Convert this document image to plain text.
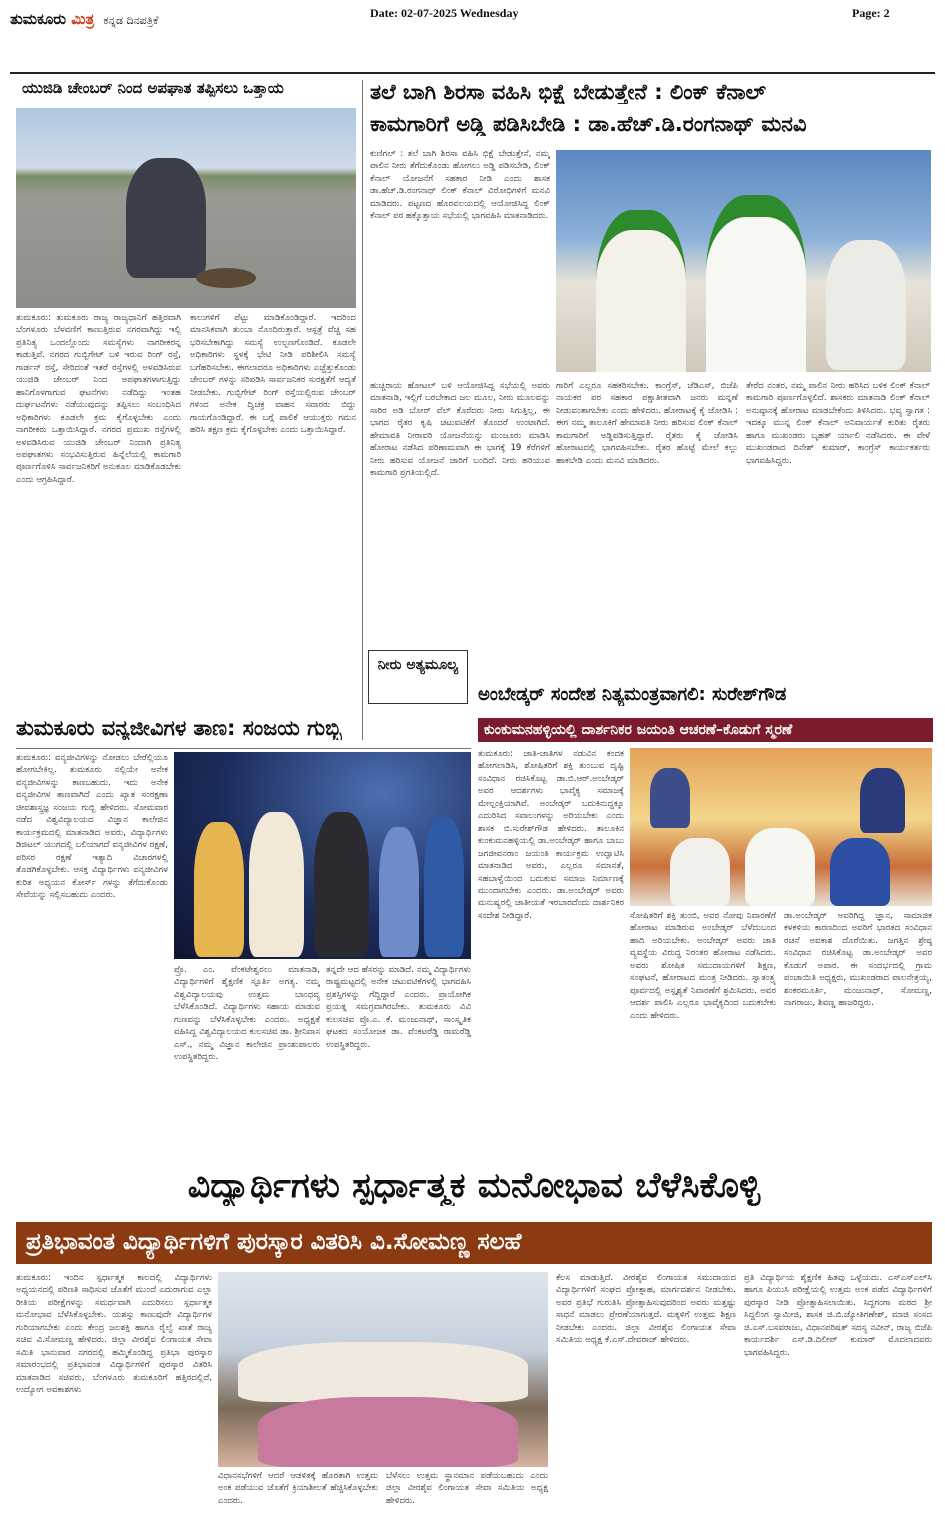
ತುಮಕೂರು ಮಿತ್ರ ಕನ್ನಡ ದಿನಪತ್ರಿಕೆ
Date: 02-07-2025 Wednesday	Page: 2
ಯುಜಿಡಿ ಚೇಂಬರ್ ನಿಂದ ಅಪಘಾತ ತಪ್ಪಿಸಲು ಒತ್ತಾಯ
ತುಮಕೂರು: ತುಮಕೂರು ರಾಜ್ಯ ರಾಜ್ಯಧಾನಿಗೆ ಹತ್ತಿರವಾಗಿ ಬೆಂಗಳೂರು ಬೆಳವಣಿಗೆ ಕಾಣುತ್ತಿರುವ ನಗರವಾಗಿದ್ದು ಇಲ್ಲಿ ಪ್ರತಿನಿತ್ಯ ಒಂದಲ್ಲೊಂದು ಸಮಸ್ಯೆಗಳು ನಾಗರೀಕರನ್ನ ಕಾಡುತ್ತಿವೆ. ನಗರದ ಗುಬ್ಬಿಗೇಟ್ ಬಳಿ ಇರುವ ರಿಂಗ್ ರಸ್ತೆ, ಗಾರ್ಡನ್ ರಸ್ತೆ, ಸೇರಿದಂತೆ ಇತರೆ ರಸ್ತೆಗಳಲ್ಲಿ ಅಳವಡಿಸಿರುವ ಯುಜಿಡಿ ಚೇಂಬರ್ ನಿಂದ ಅಪಘಾತಗಳಾಗುತ್ತಿದ್ದು ಹಾನಿಗೊಳಗಾಗುವ ಘಟನೆಗಳು ನಡೆದಿದ್ದು ಇಂತಹ ದುರ್ಘಟನೆಗಳು ನಡೆಯುವುದನ್ನು ತಪ್ಪಿಸಲು ಸಂಬಂಧಿಸಿದ ಅಧಿಕಾರಿಗಳು ಕೂಡಲೇ ಕ್ರಮ ಕೈಗೊಳ್ಳಬೇಕು ಎಂದು ನಾಗರೀಕರು ಒತ್ತಾಯಿಸಿದ್ದಾರೆ. ನಗರದ ಪ್ರಮುಖ ರಸ್ತೆಗಳಲ್ಲಿ ಅಳವಡಿಸಿರುವ ಯುಜಿಡಿ ಚೇಂಬರ್ ನಿಂದಾಗಿ ಪ್ರತಿನಿತ್ಯ ಅಪಘಾತಗಳು ಸಂಭವಿಸುತ್ತಿರುವ ಹಿನ್ನೆಲೆಯಲ್ಲಿ ಕಾಮಗಾರಿ ಪೂರ್ಣಗೊಳಿಸಿ ಸಾರ್ವಜನಿಕರಿಗೆ ಅನುಕೂಲ ಮಾಡಿಕೊಡಬೇಕು ಎಂದು ಆಗ್ರಹಿಸಿದ್ದಾರೆ.
ಕಾಲುಗಳಿಗೆ ಪೆಟ್ಟು ಮಾಡಿಕೊಂಡಿದ್ದಾರೆ. ಇದರಿಂದ ಮಾನಸಿಕವಾಗಿ ತುಂಬಾ ನೊಂದಿರುತ್ತಾರೆ. ಆಸ್ಪತ್ರೆ ವೆಚ್ಚ ಸಹ ಭರಿಸಬೇಕಾಗಿದ್ದು ಸಮಸ್ಯೆ ಉಲ್ಬಣಗೊಂಡಿದೆ. ಕೂಡಲೇ ಅಧಿಕಾರಿಗಳು ಸ್ಥಳಕ್ಕೆ ಭೇಟಿ ನೀಡಿ ಪರಿಶೀಲಿಸಿ ಸಮಸ್ಯೆ ಬಗೆಹರಿಸಬೇಕು. ಈಗಲಾದರೂ ಅಧಿಕಾರಿಗಳು ಎಚ್ಚೆತ್ತುಕೊಂಡು ಚೇಂಬರ್ ಗಳನ್ನು ಸರಿಪಡಿಸಿ ಸಾರ್ವಜನಿಕರ ಸುರಕ್ಷತೆಗೆ ಆದ್ಯತೆ ನೀಡಬೇಕು. ಗುಬ್ಬಿಗೇಟ್ ರಿಂಗ್ ರಸ್ತೆಯಲ್ಲಿರುವ ಚೇಂಬರ್ ಗಳಿಂದ ಅನೇಕ ದ್ವಿಚಕ್ರ ವಾಹನ ಸವಾರರು ಬಿದ್ದು ಗಾಯಗೊಂಡಿದ್ದಾರೆ. ಈ ಬಗ್ಗೆ ಪಾಲಿಕೆ ಆಯುಕ್ತರು ಗಮನ ಹರಿಸಿ ತಕ್ಷಣ ಕ್ರಮ ಕೈಗೊಳ್ಳಬೇಕು ಎಂದು ಒತ್ತಾಯಿಸಿದ್ದಾರೆ.
ತಲೆ ಬಾಗಿ ಶಿರಸಾ ವಹಿಸಿ ಭಿಕ್ಷೆ ಬೇಡುತ್ತೇನೆ : ಲಿಂಕ್ ಕೆನಾಲ್
ಕಾಮಗಾರಿಗೆ ಅಡ್ಡಿ ಪಡಿಸಿಬೇಡಿ : ಡಾ.ಹೆಚ್.ಡಿ.ರಂಗನಾಥ್ ಮನವಿ
ಕುಣಿಗಲ್ : ತಲೆ ಬಾಗಿ ಶಿರಸಾ ವಹಿಸಿ ಭಿಕ್ಷೆ ಬೇಡುತ್ತೇನೆ, ನಮ್ಮ ಪಾಲಿನ ನೀರು ತೆಗೆದುಕೊಂಡು ಹೋಗಲು ಅಡ್ಡಿ ಪಡಿಸಬೇಡಿ, ಲಿಂಕ್ ಕೆನಾಲ್ ಯೋಜನೆಗೆ ಸಹಕಾರ ನೀಡಿ ಎಂದು ಶಾಸಕ ಡಾ.ಹೆಚ್.ಡಿ.ರಂಗನಾಥ್ ಲಿಂಕ್ ಕೆನಾಲ್ ವಿರೋಧಿಗಳಿಗೆ ಮನವಿ ಮಾಡಿದರು. ಪಟ್ಟಣದ ಹೊರವಲಯದಲ್ಲಿ ಆಯೋಜಿಸಿದ್ದ ಲಿಂಕ್ ಕೆನಾಲ್ ಪರ ಹಕ್ಕೊತ್ತಾಯ ಸಭೆಯಲ್ಲಿ ಭಾಗವಹಿಸಿ ಮಾತನಾಡಿದರು.
ಹುಚ್ಚರಾಯ ಹೋಟಲ್ ಬಳಿ ಆಯೋಜಿಸಿದ್ದ ಸಭೆಯಲ್ಲಿ ಅವರು ಮಾತನಾಡಿ, ಇಲ್ಲಿಗೆ ಬರಬೇಕಾದ ಜಲ ಮೂಲ, ನೀರು ಮೂಲವನ್ನು ಸಾರಿರ ಅಡಿ ಬೋರ್ ವೆಲ್ ಕೊರೆದರು ನೀರು ಸಿಗುತ್ತಿಲ್ಲ, ಈ ಭಾಗದ ರೈತರ ಕೃಷಿ ಚಟುವಟಿಕೆಗೆ ತೊಂದರೆ ಉಂಟಾಗಿದೆ. ಹೇಮಾವತಿ ನೀರಾವರಿ ಯೋಜನೆಯನ್ನು ಮಂಜೂರು ಮಾಡಿಸಿ ಹೋರಾಟ ನಡೆಸಿದ ಪರಿಣಾಮವಾಗಿ ಈ ಭಾಗಕ್ಕೆ 19 ಕೆರೆಗಳಿಗೆ ನೀರು ಹರಿಸುವ ಯೋಜನೆ ಜಾರಿಗೆ ಬಂದಿದೆ. ನೀರು ಹರಿಯುವ ಕಾಮಗಾರಿ ಪ್ರಗತಿಯಲ್ಲಿದೆ.
ಗಾರಿಗೆ ಎಲ್ಲರೂ ಸಹಕರಿಸಬೇಕು. ಕಾಂಗ್ರೆಸ್, ಜೆಡಿಎಸ್, ಬಿಜೆಪಿ ನಾಯಕರ ಪರ ಸಹಕಾರ ಪಕ್ಷಾತೀತವಾಗಿ ಜನರು ಮನ್ನಣೆ ನೀಡುವಂತಾಗಬೇಕು ಎಂದು ಹೇಳಿದರು. ಹೋರಾಟಕ್ಕೆ ಕೈ ಜೋಡಿಸಿ : ಈಗ ನಮ್ಮ ತಾಲೂಕಿಗೆ ಹೇಮಾವತಿ ನೀರು ಹರಿಸುವ ಲಿಂಕ್ ಕೆನಾಲ್ ಕಾಮಗಾರಿಗೆ ಅಡ್ಡಿಪಡಿಸುತ್ತಿದ್ದಾರೆ. ರೈತರು ಕೈ ಜೋಡಿಸಿ ಹೋರಾಟದಲ್ಲಿ ಭಾಗವಹಿಸಬೇಕು. ರೈತರ ಹೊಟ್ಟೆ ಮೇಲೆ ಕಲ್ಲು ಹಾಕಬೇಡಿ ಎಂದು ಮನವಿ ಮಾಡಿದರು.
ತೇರೆದ ನಂತರ, ನಮ್ಮ ಪಾಲಿನ ನೀರು ಹರಿಸಿದ ಬಳಿಕ ಲಿಂಕ್ ಕೆನಾಲ್ ಕಾಮಗಾರಿ ಪೂರ್ಣಗೊಳ್ಳಲಿದೆ. ಶಾಸಕರು ಮಾತನಾಡಿ ಲಿಂಕ್ ಕೆನಾಲ್ ಅನುಷ್ಠಾನಕ್ಕೆ ಹೋರಾಟ ಮಾಡಬೇಕೆಂದು ತಿಳಿಸಿದರು. ಭವ್ಯ ಸ್ವಾಗತ : ಇದಕ್ಕೂ ಮುನ್ನ ಲಿಂಕ್ ಕೆನಾಲ್ ಅನಿವಾರ್ಯತೆ ಕುರಿತು ರೈತರು ಹಾಗೂ ಮುಖಂಡರು ಬೃಹತ್ ರ್ಯಾಲಿ ನಡೆಸಿದರು. ಈ ವೇಳೆ ಮುಖಂಡರಾದ ದಿನೇಶ್ ಕುಮಾರ್, ಕಾಂಗ್ರೆಸ್ ಕಾರ್ಯಕರ್ತರು ಭಾಗವಹಿಸಿದ್ದರು.
ನೀರು ಅತ್ಯಮೂಲ್ಯ
ಅಂಬೇಡ್ಕರ್ ಸಂದೇಶ ನಿತ್ಯಮಂತ್ರವಾಗಲಿ: ಸುರೇಶ್‌ಗೌಡ
ಕುಂಕುಮನಹಳ್ಳಿಯಲ್ಲಿ ದಾರ್ಶನಿಕರ ಜಯಂತಿ ಆಚರಣೆ–ಕೊಡುಗೆ ಸ್ಮರಣೆ
ತುಮಕೂರು ವನ್ಯಜೀವಿಗಳ ತಾಣ: ಸಂಜಯ ಗುಬ್ಬಿ
ತುಮಕೂರು: ವನ್ಯಜೀವಿಗಳನ್ನು ನೋಡಲು ಬೇರೆಲ್ಲಿಯೂ ಹೋಗಬೇಕಿಲ್ಲ. ತುಮಕೂರು ನಲ್ಲಿಯೇ ಅನೇಕ ವನ್ಯಜೀವಿಗಳನ್ನು ಕಾಣಬಹುದು. ಇದು ಅನೇಕ ವನ್ಯಜೀವಿಗಳ ತಾಣವಾಗಿದೆ ಎಂದು ಖ್ಯಾತ ಸಂರಕ್ಷಣಾ ಜೀವಶಾಸ್ತ್ರಜ್ಞ ಸಂಜಯ ಗುಬ್ಬಿ ಹೇಳಿದರು. ಸೋಮವಾರ ನಡೆದ ವಿಶ್ವವಿದ್ಯಾಲಯದ ವಿಜ್ಞಾನ ಕಾಲೇಜಿನ ಕಾರ್ಯಕ್ರಮದಲ್ಲಿ ಮಾತನಾಡಿದ ಅವರು, ವಿದ್ಯಾರ್ಥಿಗಳು ಡಿಜಿಟಲ್ ಯುಗದಲ್ಲಿ ಬಲಿಯಾಗದೆ ವನ್ಯಜೀವಿಗಳ ರಕ್ಷಣೆ, ಪರಿಸರ ರಕ್ಷಣೆ ಇತ್ಯಾದಿ ವಿಚಾರಗಳಲ್ಲಿ ತೊಡಗಿಕೊಳ್ಳಬೇಕು. ಆಸಕ್ತ ವಿದ್ಯಾರ್ಥಿಗಳು ವನ್ಯಜೀವಿಗಳ ಕುರಿತ ಅಧ್ಯಯನ ಕೋರ್ಸ್ ಗಳನ್ನು ತೆಗೆದುಕೊಂಡು ಸೇವೆಯನ್ನು ಸಲ್ಲಿಸಬಹುದು ಎಂದರು.
ಪ್ರೊ. ಎಂ. ವೆಂಕಟೇಶ್ವರಲು ಮಾತನಾಡಿ, ವಿದ್ಯಾರ್ಥಿಗಳಿಗೆ ಶೈಕ್ಷಣಿಕ ಸ್ಫೂರ್ತಿ ಅಗತ್ಯ. ನಮ್ಮ ವಿಶ್ವವಿದ್ಯಾಲಯವು ಉತ್ತಮ ಬಾಂಧವ್ಯ ಬೆಳೆಸಿಕೊಂಡಿದೆ. ವಿದ್ಯಾರ್ಥಿಗಳು ಸಹಾಯ ಮಾಡುವ ಗುಣವನ್ನು ಬೆಳೆಸಿಕೊಳ್ಳಬೇಕು ಎಂದರು. ಅಧ್ಯಕ್ಷತೆ ವಹಿಸಿದ್ದ ವಿಶ್ವವಿದ್ಯಾಲಯದ ಕುಲಸಚಿವ ಡಾ. ಶ್ರೀನಿವಾಸ ಎಸ್., ನಮ್ಮ ವಿಜ್ಞಾನ ಕಾಲೇಜಿನ ಪ್ರಾಂಶುಪಾಲರು ಉಪಸ್ಥಿತರಿದ್ದರು.
ತನ್ನದೇ ಆದ ಹೆಸರನ್ನು ಮಾಡಿದೆ. ನಮ್ಮ ವಿದ್ಯಾರ್ಥಿಗಳು ರಾಷ್ಟ್ರಮಟ್ಟದಲ್ಲಿ ಅನೇಕ ಚಟುವಟಿಕೆಗಳಲ್ಲಿ ಭಾಗವಹಿಸಿ ಪ್ರಶಸ್ತಿಗಳನ್ನು ಗೆದ್ದಿದ್ದಾರೆ ಎಂದರು. ಪ್ರಾಯೋಗಿಕ ಪ್ರಯತ್ನ ಸಮಗ್ರವಾಗಿರಬೇಕು. ತುಮಕೂರು ವಿವಿ ಕುಲಸಚಿವ ಪ್ರೊ.ಎ. ಕೆ. ಮಂಜುನಾಥ್, ಸಾಂಸ್ಕೃತಿಕ ಘಟಕದ ಸಂಯೋಜಕ ಡಾ. ವೆಂಕಟರೆಡ್ಡಿ ರಾಮರೆಡ್ಡಿ ಉಪಸ್ಥಿತರಿದ್ದರು.
ತುಮಕೂರು: ಜಾತಿ-ಜಾತಿಗಳ ನಡುವಿನ ಕಂದಕ ಹೋಗಲಾಡಿಸಿ, ಶೋಷಿತರಿಗೆ ಶಕ್ತಿ ತುಂಬುವ ದೃಷ್ಟಿ ಸಂವಿಧಾನ ರಚಿಸಿಕೊಟ್ಟ ಡಾ.ಬಿ.ಆರ್.ಅಂಬೇಡ್ಕರ್ ಅವರ ಆದರ್ಶಗಳು ಭಾವೈಕ್ಯ ಸಮಾಜಕ್ಕೆ ಮೇಲ್ಪಂಕ್ತಿಯಾಗಿವೆ. ಅಂಬೇಡ್ಕರ್ ಬದುಕಿನುದ್ದಕ್ಕೂ ಎದುರಿಸಿದ ಸವಾಲುಗಳನ್ನು ಅರಿಯಬೇಕು ಎಂದು ಶಾಸಕ ಬಿ.ಸುರೇಶ್‌ಗೌಡ ಹೇಳಿದರು. ತಾಲೂಕಿನ ಕುಂಕುಮನಹಳ್ಳಿಯಲ್ಲಿ ಡಾ.ಅಂಬೇಡ್ಕರ್ ಹಾಗೂ ಬಾಬು ಜಗಜೀವನರಾಂ ಜಯಂತಿ ಕಾರ್ಯಕ್ರಮ ಉದ್ಘಾಟಿಸಿ ಮಾತನಾಡಿದ ಅವರು, ಎಲ್ಲರೂ ಸಮಾನತೆ, ಸಹಬಾಳ್ವೆಯಿಂದ ಬದುಕುವ ಸಮಾಜ ನಿರ್ಮಾಣಕ್ಕೆ ಮುಂದಾಗಬೇಕು ಎಂದರು. ಡಾ.ಅಂಬೇಡ್ಕರ್ ಅವರು ಮನುಷ್ಯರಲ್ಲಿ ಜಾತೀಯತೆ ಇರಬಾರದೆಂದು ದಾರ್ಶನಿಕರ ಸಂದೇಶ ನೀಡಿದ್ದಾರೆ.	ಸೋಷಿತರಿಗೆ ಶಕ್ತಿ ತುಂಬಿ, ಅವರ ನೋವು ನಿವಾರಣೆಗೆ ಹೋರಾಟ ಮಾಡಿರುವ ಅಂಬೇಡ್ಕರ್ ಬೆಳೆದುಬಂದ ಹಾದಿ ಅರಿಯಬೇಕು. ಅಂಬೇಡ್ಕರ್ ಅವರು ಜಾತಿ ವ್ಯವಸ್ಥೆಯ ವಿರುದ್ಧ ನಿರಂತರ ಹೋರಾಟ ನಡೆಸಿದರು. ಅವರು ಶೋಷಿತ ಸಮುದಾಯಗಳಿಗೆ ಶಿಕ್ಷಣ, ಸಂಘಟನೆ, ಹೋರಾಟದ ಮಂತ್ರ ನೀಡಿದರು. ಸ್ವಾತಂತ್ರ್ಯ ಪೂರ್ವದಲ್ಲಿ ಅಸ್ಪೃಶ್ಯತೆ ನಿವಾರಣೆಗೆ ಶ್ರಮಿಸಿದರು. ಅವರ ಆದರ್ಶ ಪಾಲಿಸಿ ಎಲ್ಲರೂ ಭಾವೈಕ್ಯದಿಂದ ಬದುಕಬೇಕು ಎಂದು ಹೇಳಿದರು.
ಡಾ.ಅಂಬೇಡ್ಕರ್ ಅವರಿಗಿದ್ದ ಜ್ಞಾನ, ಸಾಮಾಜಿಕ ಕಳಕಳಿಯ ಕಾರಣದಿಂದ ಅವರಿಗೆ ಭಾರತದ ಸಂವಿಧಾನ ರಚನೆ ಅವಕಾಶ ದೊರೆಯಿತು. ಜಗತ್ತಿನ ಶ್ರೇಷ್ಠ ಸಂವಿಧಾನ ರಚಿಸಿಕೊಟ್ಟ ಡಾ.ಅಂಬೇಡ್ಕರ್ ಅವರ ಕೊಡುಗೆ ಅಪಾರ. ಈ ಸಂದರ್ಭದಲ್ಲಿ ಗ್ರಾಮ ಪಂಚಾಯಿತಿ ಅಧ್ಯಕ್ಷರು, ಮುಖಂಡರಾದ ಪಾಲನೇತ್ರಯ್ಯ, ಶಂಕರಮೂರ್ತಿ, ಮಂಜುನಾಥ್, ಸೋಮಣ್ಣ, ನಾಗರಾಜು, ಶಿವಣ್ಣ ಹಾಜರಿದ್ದರು.
ವಿದ್ಯಾರ್ಥಿಗಳು ಸ್ಪರ್ಧಾತ್ಮಕ ಮನೋಭಾವ ಬೆಳೆಸಿಕೊಳ್ಳಿ
ಪ್ರತಿಭಾವಂತ ವಿದ್ಯಾರ್ಥಿಗಳಿಗೆ ಪುರಸ್ಕಾರ ವಿತರಿಸಿ ವಿ.ಸೋಮಣ್ಣ ಸಲಹೆ
ತುಮಕೂರು: ಇಂದಿನ ಸ್ಪರ್ಧಾತ್ಮಕ ಕಾಲದಲ್ಲಿ ವಿದ್ಯಾರ್ಥಿಗಳು ಅಧ್ಯಯನದಲ್ಲಿ ಪರಿಣತಿ ಸಾಧಿಸುವ ಜೊತೆಗೆ ಮುಂದೆ ಎದುರಾಗುವ ಎಲ್ಲಾ ರೀತಿಯ ಪರೀಕ್ಷೆಗಳನ್ನು ಸಮರ್ಥವಾಗಿ ಎದುರಿಸಲು ಸ್ಪರ್ಧಾತ್ಮಕ ಮನೋಭಾವ ಬೆಳೆಸಿಕೊಳ್ಳಬೇಕು. ಯಶಸ್ಸು ಕಾಣುವುದೇ ವಿದ್ಯಾರ್ಥಿಗಳ ಗುರಿಯಾಗಬೇಕು ಎಂದು ಕೇಂದ್ರ ಜಲಶಕ್ತಿ ಹಾಗೂ ರೈಲ್ವೆ ಖಾತೆ ರಾಜ್ಯ ಸಚಿವ ವಿ.ಸೋಮಣ್ಣ ಹೇಳಿದರು. ಜಿಲ್ಲಾ ವೀರಶೈವ ಲಿಂಗಾಯತ ಸೇವಾ ಸಮಿತಿ ಭಾನುವಾರ ನಗರದಲ್ಲಿ ಹಮ್ಮಿಕೊಂಡಿದ್ದ ಪ್ರತಿಭಾ ಪುರಸ್ಕಾರ ಸಮಾರಂಭದಲ್ಲಿ ಪ್ರತಿಭಾವಂತ ವಿದ್ಯಾರ್ಥಿಗಳಿಗೆ ಪುರಸ್ಕಾರ ವಿತರಿಸಿ ಮಾತನಾಡಿದ ಸಚಿವರು, ಬೆಂಗಳೂರು ತುಮಕೂರಿಗೆ ಹತ್ತಿರದಲ್ಲಿದೆ, ಉದ್ಯೋಗ ಅವಕಾಶಗಳು
ವಿಧಾನಸಭೆಗಳಿಗೆ ಆದರೆ ಆಡಳಿತಕ್ಕೆ ಹೊರತಾಗಿ ಉತ್ತಮ ಅಂಕ ಪಡೆಯುವ ಜೊತೆಗೆ ಕ್ರಿಯಾಶೀಲತೆ ಹೆಚ್ಚಿಸಿಕೊಳ್ಳಬೇಕು ಎಂದರು.
ಬೆಳೆಸಲು ಉತ್ತಮ ಸ್ಥಾನಮಾನ ಪಡೆಯಬಹುದು ಎಂದು ಜಿಲ್ಲಾ ವೀರಶೈವ ಲಿಂಗಾಯತ ಸೇವಾ ಸಮಿತಿಯ ಅಧ್ಯಕ್ಷ ಹೇಳಿದರು.
ಕೆಲಸ ಮಾಡುತ್ತಿದೆ. ವೀರಶೈವ ಲಿಂಗಾಯತ ಸಮುದಾಯದ ವಿದ್ಯಾರ್ಥಿಗಳಿಗೆ ಸಂಘದ ಪ್ರೋತ್ಸಾಹ, ಮಾರ್ಗದರ್ಶನ ನೀಡಬೇಕು. ಅವರ ಪ್ರತಿಭೆ ಗುರುತಿಸಿ ಪ್ರೋತ್ಸಾಹಿಸುವುದರಿಂದ ಅವರು ಮತ್ತಷ್ಟು ಸಾಧನೆ ಮಾಡಲು ಪ್ರೇರಣೆಯಾಗುತ್ತದೆ. ಮಕ್ಕಳಿಗೆ ಉತ್ತಮ ಶಿಕ್ಷಣ ನೀಡಬೇಕು ಎಂದರು. ಜಿಲ್ಲಾ ವೀರಶೈವ ಲಿಂಗಾಯತ ಸೇವಾ ಸಮಿತಿಯ ಅಧ್ಯಕ್ಷ ಕೆ.ಎಸ್.ದೇವರಾಜ್ ಹೇಳಿದರು.
ಪ್ರತಿ ವಿದ್ಯಾರ್ಥಿಯ ಶೈಕ್ಷಣಿಕ ಹಿತವು ಒಳ್ಳೆಯದು. ಎಸ್‌ಎಸ್‌ಎಲ್‌ಸಿ ಹಾಗೂ ಪಿಯುಸಿ ಪರೀಕ್ಷೆಯಲ್ಲಿ ಉತ್ತಮ ಅಂಕ ಪಡೆದ ವಿದ್ಯಾರ್ಥಿಗಳಿಗೆ ಪುರಸ್ಕಾರ ನೀಡಿ ಪ್ರೋತ್ಸಾಹಿಸಲಾಯಿತು. ಸಿದ್ದಗಂಗಾ ಮಠದ ಶ್ರೀ ಸಿದ್ದಲಿಂಗ ಸ್ವಾಮೀಜಿ, ಶಾಸಕ ಜಿ.ಬಿ.ಜ್ಯೋತಿಗಣೇಶ್, ಮಾಜಿ ಸಂಸದ ಜಿ.ಎಸ್.ಬಸವರಾಜು, ವಿಧಾನಪರಿಷತ್ ಸದಸ್ಯ ನವೀನ್, ರಾಜ್ಯ ಬಿಜೆಪಿ ಕಾರ್ಯದರ್ಶಿ ಎಸ್.ಡಿ.ದಿಲೀಪ್ ಕುಮಾರ್ ಮೊದಲಾದವರು ಭಾಗವಹಿಸಿದ್ದರು.
